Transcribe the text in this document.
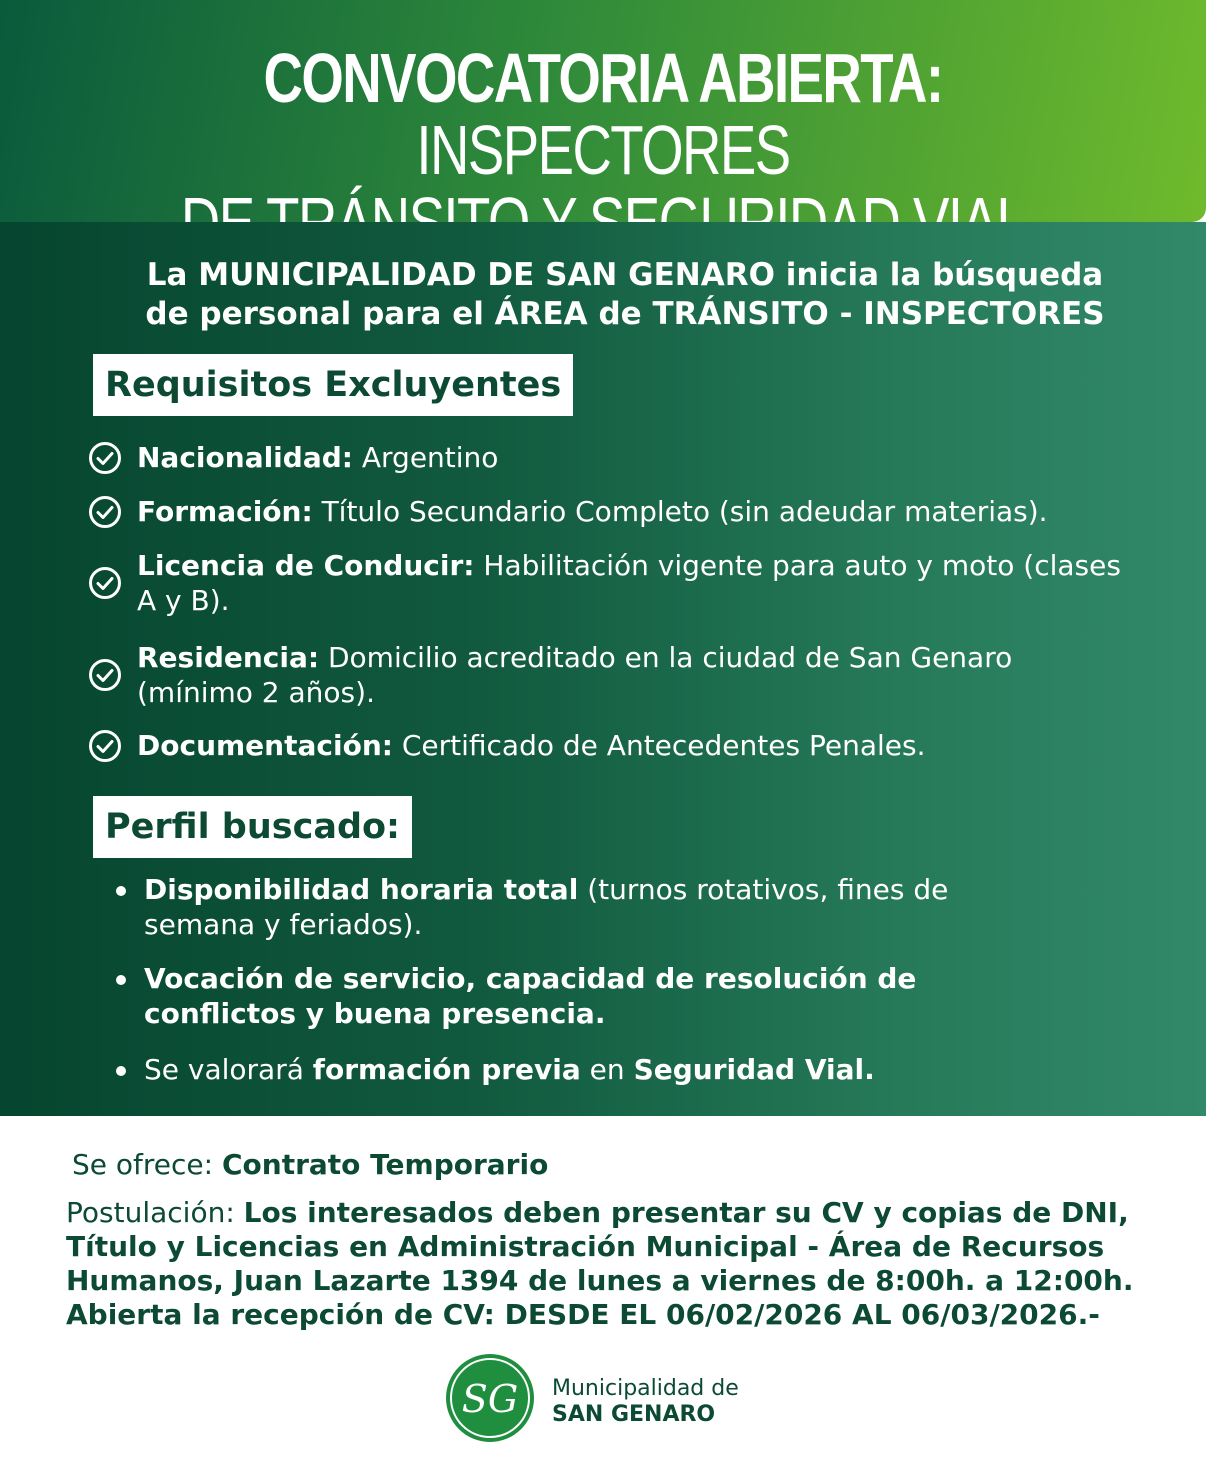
CONVOCATORIA ABIERTA: INSPECTORES

La MUNICIPALIDAD DE SAN GENARO inicia la búsqueda
de personal para el ÁREA de TRÁNSITO - INSPECTORES
Requisitos Excluyentes
Nacionalidad: Argentino
Formación: Título Secundario Completo (sin adeudar materias).
Licencia de Conducir: Habilitación vigente para auto y moto (clases A y B).
Residencia: Domicilio acreditado en la ciudad de San Genaro (mínimo 2 años).
Documentación: Certificado de Antecedentes Penales.
Perfil buscado:
Disponibilidad horaria total (turnos rotativos, fines de semana y feriados).
Vocación de servicio, capacidad de resolución de conflictos y buena presencia.
Se valorará formación previa en Seguridad Vial.
Se ofrece: Contrato Temporario
Postulación: Los interesados deben presentar su CV y copias de DNI, Título y Licencias en Administración Municipal - Área de Recursos Humanos, Juan Lazarte 1394 de lunes a viernes de 8:00h. a 12:00h. Abierta la recepción de CV: DESDE EL 06/02/2026 AL 06/03/2026.-
SG Municipalidad de
SAN GENARO
